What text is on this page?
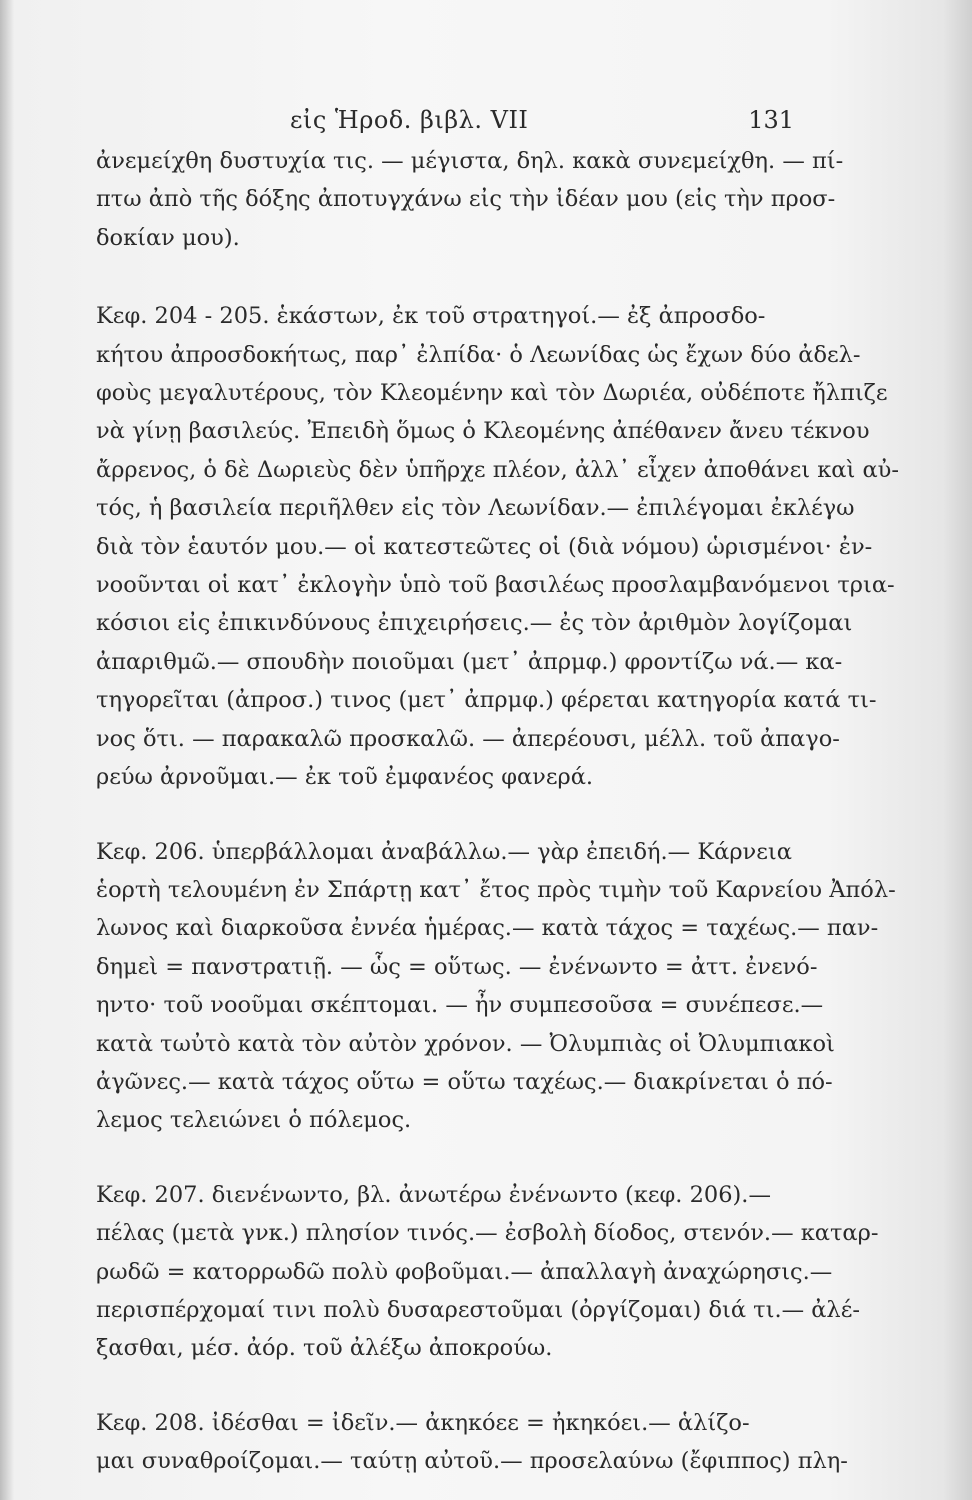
εἰς Ἡροδ. βιβλ. VII	131

ἀνεμείχθη δυστυχία τις. — μέγιστα, δηλ. κακὰ συνεμείχθη. — πί-
πτω ἀπὸ τῆς δόξης ἀποτυγχάνω εἰς τὴν ἰδέαν μου (εἰς τὴν προσ-
δοκίαν μου).

Κεφ. 204 - 205. ἑκάστων, ἐκ τοῦ στρατηγοί.— ἐξ ἀπροσδο-
κήτου ἀπροσδοκήτως, παρ᾽ ἐλπίδα· ὁ Λεωνίδας ὡς ἔχων δύο ἀδελ-
φοὺς μεγαλυτέρους, τὸν Κλεομένην καὶ τὸν Δωριέα, οὐδέποτε ἤλπιζε
νὰ γίνῃ βασιλεύς. Ἐπειδὴ ὅμως ὁ Κλεομένης ἀπέθανεν ἄνευ τέκνου
ἄρρενος, ὁ δὲ Δωριεὺς δὲν ὑπῆρχε πλέον, ἀλλ᾽ εἶχεν ἀποθάνει καὶ αὐ-
τός, ἡ βασιλεία περιῆλθεν εἰς τὸν Λεωνίδαν.— ἐπιλέγομαι ἐκλέγω
διὰ τὸν ἑαυτόν μου.— οἱ κατεστεῶτες οἱ (διὰ νόμου) ὡρισμένοι· ἐν-
νοοῦνται οἱ κατ᾽ ἐκλογὴν ὑπὸ τοῦ βασιλέως προσλαμβανόμενοι τρια-
κόσιοι εἰς ἐπικινδύνους ἐπιχειρήσεις.— ἐς τὸν ἀριθμὸν λογίζομαι
ἀπαριθμῶ.— σπουδὴν ποιοῦμαι (μετ᾽ ἀπρμφ.) φροντίζω νά.— κα-
τηγορεῖται (ἀπροσ.) τινος (μετ᾽ ἀπρμφ.) φέρεται κατηγορία κατά τι-
νος ὅτι. — παρακαλῶ προσκαλῶ. — ἀπερέουσι, μέλλ. τοῦ ἀπαγο-
ρεύω ἀρνοῦμαι.— ἐκ τοῦ ἐμφανέος φανερά.

Κεφ. 206. ὑπερβάλλομαι ἀναβάλλω.— γὰρ ἐπειδή.— Κάρνεια
ἑορτὴ τελουμένη ἐν Σπάρτῃ κατ᾽ ἔτος πρὸς τιμὴν τοῦ Καρνείου Ἀπόλ-
λωνος καὶ διαρκοῦσα ἐννέα ἡμέρας.— κατὰ τάχος = ταχέως.— παν-
δημεὶ = πανστρατιῇ. — ὧς = οὕτως. — ἐνένωντο = ἀττ. ἐνενό-
ηντο· τοῦ νοοῦμαι σκέπτομαι. — ἦν συμπεσοῦσα = συνέπεσε.—
κατὰ τωὐτὸ κατὰ τὸν αὐτὸν χρόνον. — Ὀλυμπιὰς οἱ Ὀλυμπιακοὶ
ἀγῶνες.— κατὰ τάχος οὕτω = οὕτω ταχέως.— διακρίνεται ὁ πό-
λεμος τελειώνει ὁ πόλεμος.

Κεφ. 207. διενένωντο, βλ. ἀνωτέρω ἐνένωντο (κεφ. 206).—
πέλας (μετὰ γνκ.) πλησίον τινός.— ἐσβολὴ δίοδος, στενόν.— καταρ-
ρωδῶ = κατορρωδῶ πολὺ φοβοῦμαι.— ἀπαλλαγὴ ἀναχώρησις.—
περισπέρχομαί τινι πολὺ δυσαρεστοῦμαι (ὀργίζομαι) διά τι.— ἀλέ-
ξασθαι, μέσ. ἀόρ. τοῦ ἀλέξω ἀποκρούω.

Κεφ. 208. ἰδέσθαι = ἰδεῖν.— ἀκηκόεε = ἠκηκόει.— ἁλίζο-
μαι συναθροίζομαι.— ταύτῃ αὐτοῦ.— προσελαύνω (ἔφιππος) πλη-
